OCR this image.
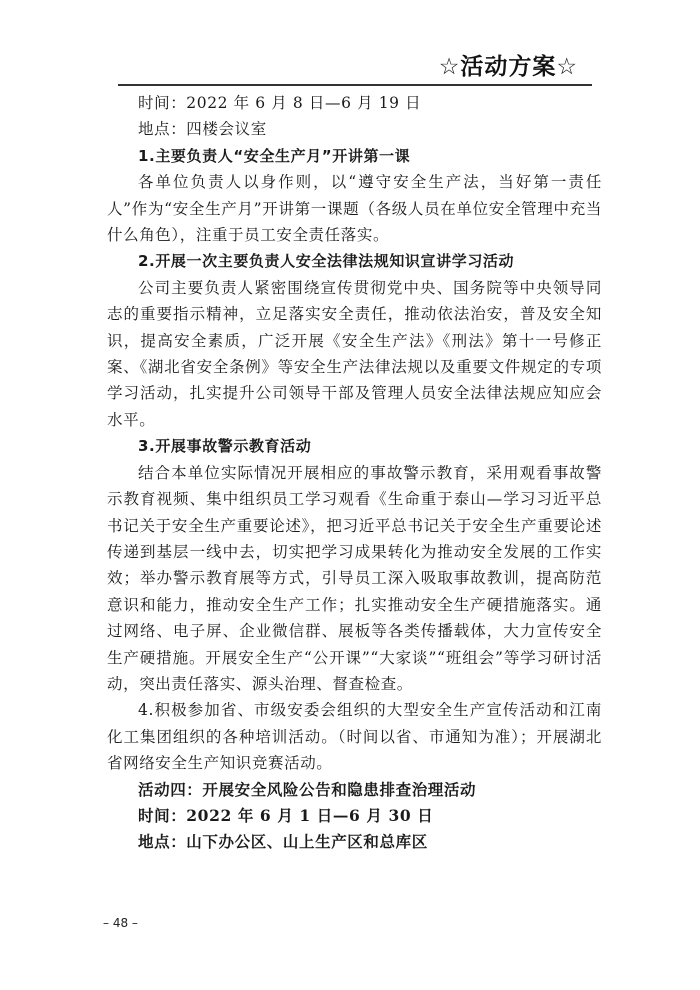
☆活动方案☆

时间：2022 年 6 月 8 日—6 月 19 日

地点：四楼会议室

1.主要负责人“安全生产月”开讲第一课

各单位负责人以身作则，以“遵守安全生产法，当好第一责任人”作为“安全生产月”开讲第一课题（各级人员在单位安全管理中充当什么角色），注重于员工安全责任落实。

2.开展一次主要负责人安全法律法规知识宣讲学习活动

公司主要负责人紧密围绕宣传贯彻党中央、国务院等中央领导同志的重要指示精神，立足落实安全责任，推动依法治安，普及安全知识，提高安全素质，广泛开展《安全生产法》《刑法》第十一号修正案、《湖北省安全条例》等安全生产法律法规以及重要文件规定的专项学习活动，扎实提升公司领导干部及管理人员安全法律法规应知应会水平。

3.开展事故警示教育活动

结合本单位实际情况开展相应的事故警示教育，采用观看事故警示教育视频、集中组织员工学习观看《生命重于泰山—学习习近平总书记关于安全生产重要论述》，把习近平总书记关于安全生产重要论述传递到基层一线中去，切实把学习成果转化为推动安全发展的工作实效；举办警示教育展等方式，引导员工深入吸取事故教训，提高防范意识和能力，推动安全生产工作；扎实推动安全生产硬措施落实。通过网络、电子屏、企业微信群、展板等各类传播载体，大力宣传安全生产硬措施。开展安全生产“公开课”“大家谈”“班组会”等学习研讨活动，突出责任落实、源头治理、督查检查。

4.积极参加省、市级安委会组织的大型安全生产宣传活动和江南化工集团组织的各种培训活动。（时间以省、市通知为准）；开展湖北省网络安全生产知识竞赛活动。

活动四：开展安全风险公告和隐患排查治理活动

时间：2022 年 6 月 1 日—6 月 30 日

地点：山下办公区、山上生产区和总库区

– 48 –
